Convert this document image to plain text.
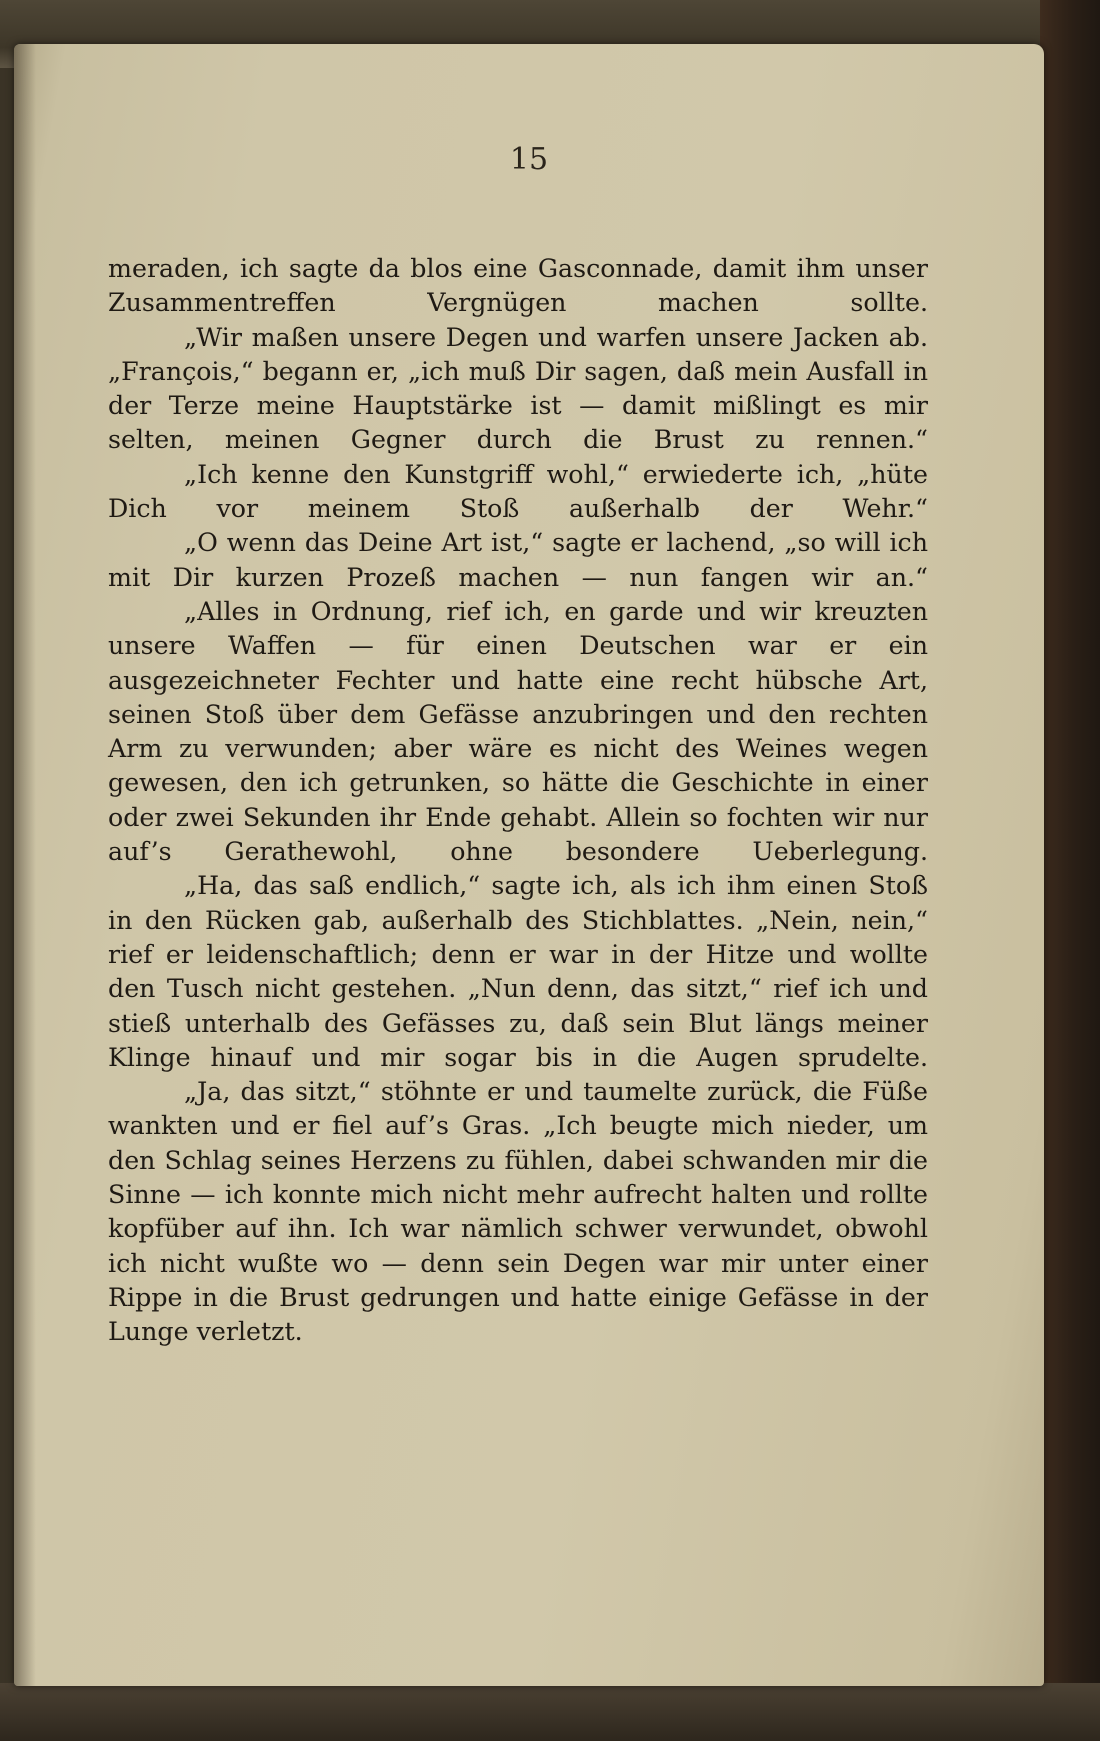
15

meraden, ich sagte da blos eine Gasconnade, damit ihm unser Zusammentreffen Vergnügen machen sollte.

„Wir maßen unsere Degen und warfen unsere Jacken ab. „François,“ begann er, „ich muß Dir sagen, daß mein Ausfall in der Terze meine Hauptstärke ist — damit mißlingt es mir selten, meinen Gegner durch die Brust zu rennen.“

„Ich kenne den Kunstgriff wohl,“ erwiederte ich, „hüte Dich vor meinem Stoß außerhalb der Wehr.“

„O wenn das Deine Art ist,“ sagte er lachend, „so will ich mit Dir kurzen Prozeß machen — nun fangen wir an.“

„Alles in Ordnung, rief ich, en garde und wir kreuzten unsere Waffen — für einen Deutschen war er ein ausgezeichneter Fechter und hatte eine recht hübsche Art, seinen Stoß über dem Gefässe anzubringen und den rechten Arm zu verwunden; aber wäre es nicht des Weines wegen gewesen, den ich getrunken, so hätte die Geschichte in einer oder zwei Sekunden ihr Ende gehabt. Allein so fochten wir nur auf’s Gerathewohl, ohne besondere Ueberlegung.

„Ha, das saß endlich,“ sagte ich, als ich ihm einen Stoß in den Rücken gab, außerhalb des Stichblattes. „Nein, nein,“ rief er leidenschaftlich; denn er war in der Hitze und wollte den Tusch nicht gestehen. „Nun denn, das sitzt,“ rief ich und stieß unterhalb des Gefässes zu, daß sein Blut längs meiner Klinge hinauf und mir sogar bis in die Augen sprudelte.

„Ja, das sitzt,“ stöhnte er und taumelte zurück, die Füße wankten und er fiel auf’s Gras. „Ich beugte mich nieder, um den Schlag seines Herzens zu fühlen, dabei schwanden mir die Sinne — ich konnte mich nicht mehr aufrecht halten und rollte kopfüber auf ihn. Ich war nämlich schwer verwundet, obwohl ich nicht wußte wo — denn sein Degen war mir unter einer Rippe in die Brust gedrungen und hatte einige Gefässe in der Lunge verletzt.
